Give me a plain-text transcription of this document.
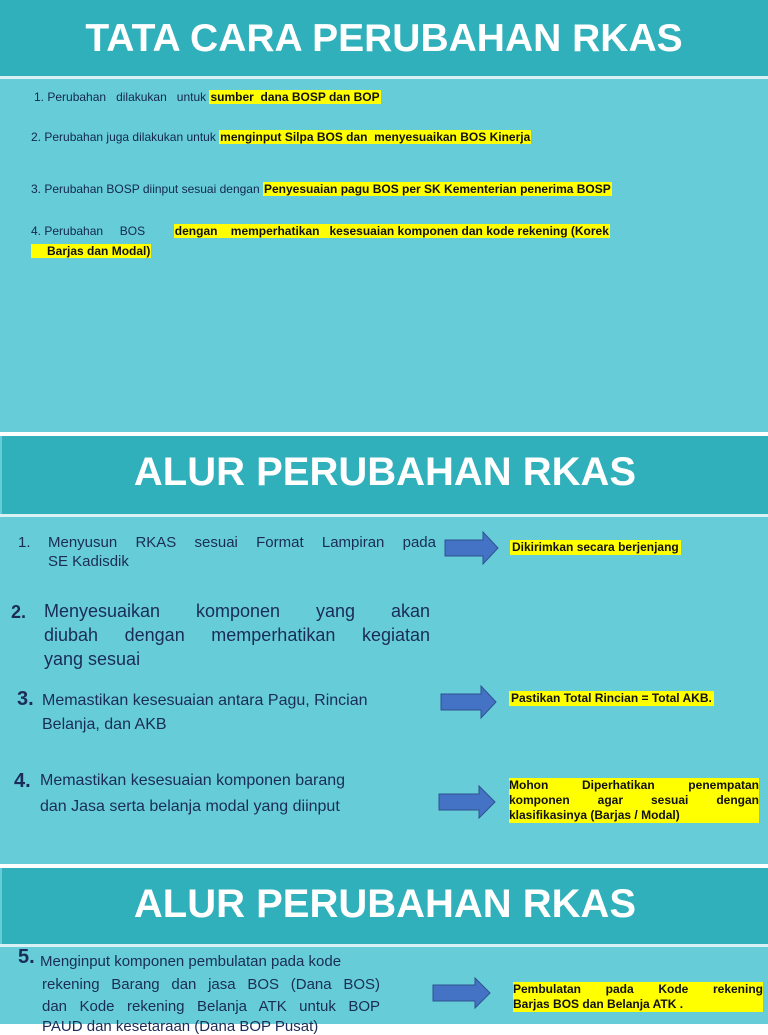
TATA CARA PERUBAHAN RKAS
1. Perubahan   dilakukan   untuk sumber  dana BOSP dan BOP
2. Perubahan juga dilakukan untuk menginput Silpa BOS dan  menyesuaikan BOS Kinerja
3. Perubahan BOSP diinput sesuai dengan Penyesuaian pagu BOS per SK Kementerian penerima BOSP
4. Perubahan     BOS dengan    memperhatikan   kesesuaian komponen dan kode rekening (Korek
Barjas dan Modal)
ALUR PERUBAHAN RKAS
1. Menyusun RKAS sesuai Format Lampiran pada
SE Kadisdik
Dikirimkan secara berjenjang
2. Menyesuaikan komponen yang akan
diubah dengan memperhatikan kegiatan
yang sesuai
3. Memastikan kesesuaian antara Pagu, Rincian
Belanja, dan AKB
Pastikan Total Rincian = Total AKB.
4. Memastikan kesesuaian komponen barang
dan Jasa serta belanja modal yang diinput
Mohon Diperhatikan penempatan
komponen agar sesuai dengan
klasifikasinya (Barjas / Modal)
ALUR PERUBAHAN RKAS
5. Menginput komponen pembulatan pada kode
rekening Barang dan jasa BOS (Dana BOS)
dan Kode rekening Belanja ATK untuk BOP
PAUD dan kesetaraan (Dana BOP Pusat)
Pembulatan pada Kode rekening
Barjas BOS dan Belanja ATK .
